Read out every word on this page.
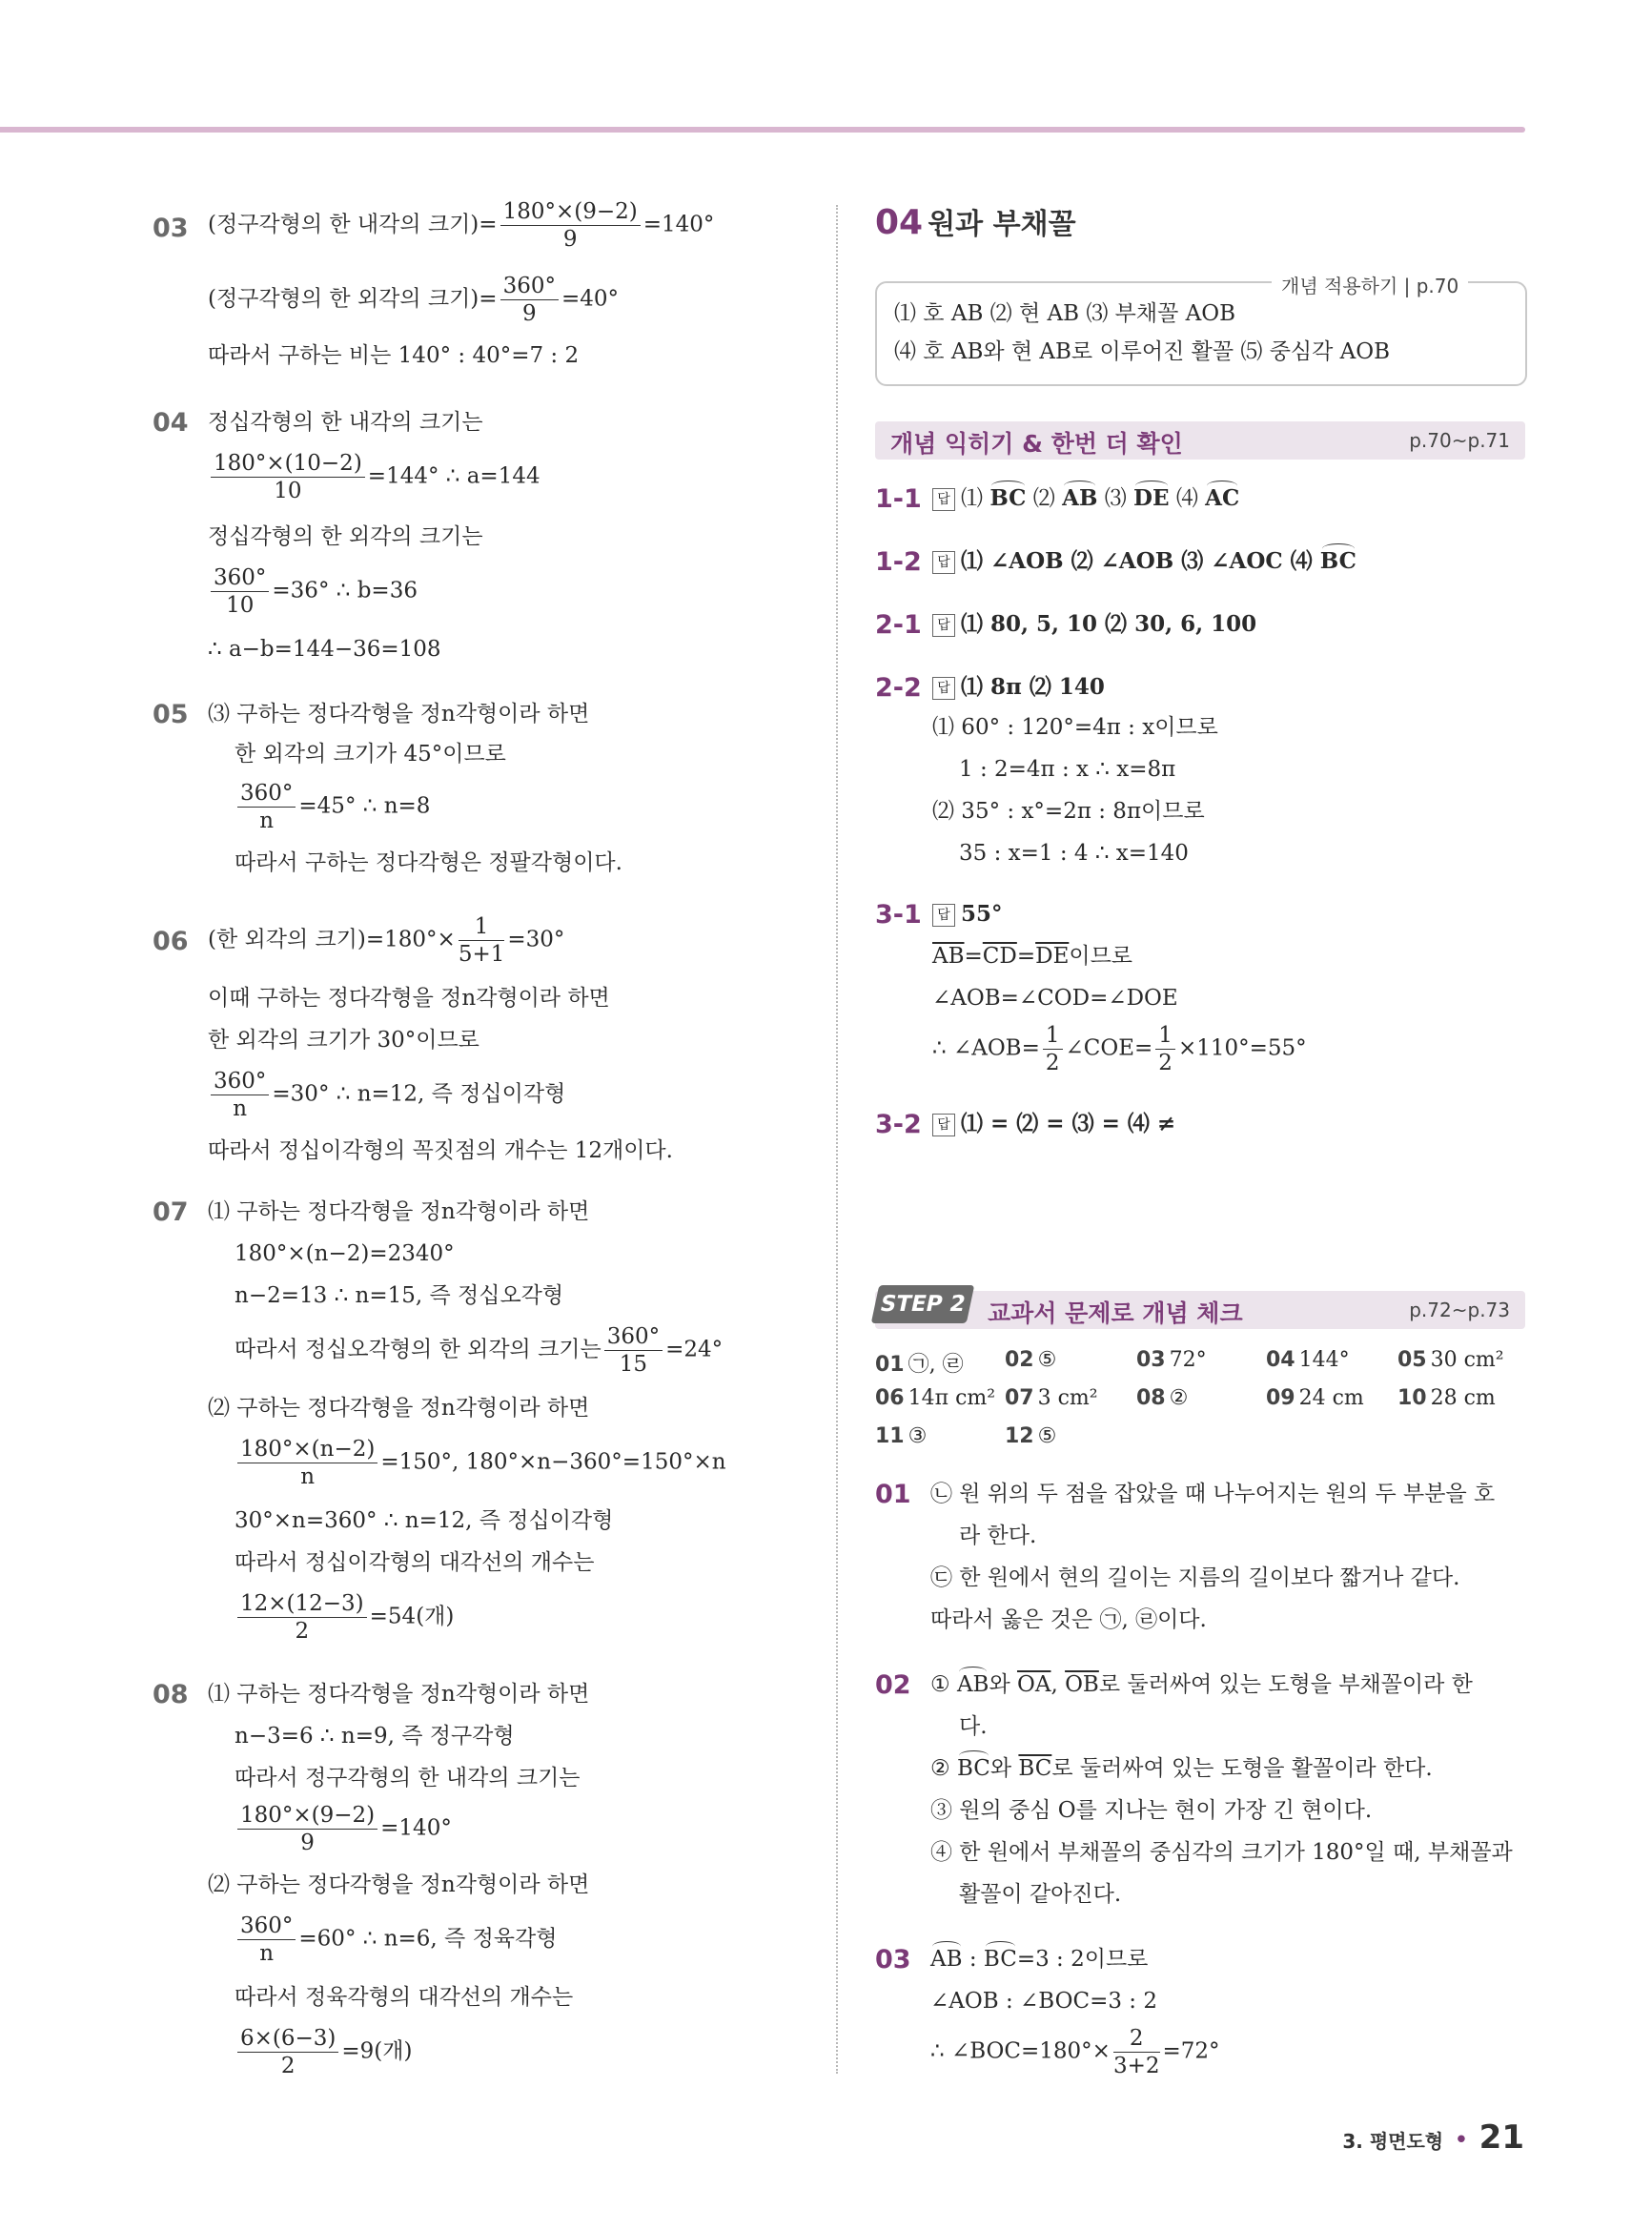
03 (정구각형의 한 내각의 크기)= $\frac{180^\circ\times(9-2)}{9} =140^\circ$
(정구각형의 한 외각의 크기)= $\frac{360^\circ}{9} =40^\circ$
따라서 구하는 비는 140° : 40°=7 : 2
04 정십각형의 한 내각의 크기는
$\frac{180^\circ\times(10-2)}{10} =144^\circ$ ∴ a=144
정십각형의 한 외각의 크기는
$\frac{360^\circ}{10} =36^\circ$ ∴ b=36
∴ a−b=144−36=108
05 ⑶ 구하는 정다각형을 정n각형이라 하면
한 외각의 크기가 45°이므로
$\frac{360^\circ}{n} =45^\circ$ ∴ n=8
따라서 구하는 정다각형은 정팔각형이다.
06 (한 외각의 크기)$=180^\circ\times \frac{1}{5+1} =30^\circ$
이때 구하는 정다각형을 정n각형이라 하면
한 외각의 크기가 30°이므로
$\frac{360^\circ}{n} =30^\circ$ ∴ n=12, 즉 정십이각형
따라서 정십이각형의 꼭짓점의 개수는 12개이다.
07 ⑴ 구하는 정다각형을 정n각형이라 하면
180°×(n−2)=2340°
n−2=13 ∴ n=15, 즉 정십오각형
따라서 정십오각형의 한 외각의 크기는 $\frac{360^\circ}{15} =24^\circ$
⑵ 구하는 정다각형을 정n각형이라 하면
$\frac{180^\circ\times(n-2)}{n} =150^\circ$, 180°×n−360°=150°×n
30°×n=360° ∴ n=12, 즉 정십이각형
따라서 정십이각형의 대각선의 개수는
$\frac{12\times(12-3)}{2} =54$(개)
08 ⑴ 구하는 정다각형을 정n각형이라 하면
n−3=6 ∴ n=9, 즉 정구각형
따라서 정구각형의 한 내각의 크기는
$\frac{180^\circ\times(9-2)}{9} =140^\circ$
⑵ 구하는 정다각형을 정n각형이라 하면
$\frac{360^\circ}{n} =60^\circ$ ∴ n=6, 즉 정육각형
따라서 정육각형의 대각선의 개수는
$\frac{6\times(6-3)}{2} =9$(개)
04 원과 부채꼴
개념 적용하기 | p.70
⑴ 호 AB ⑵ 현 AB ⑶ 부채꼴 AOB
⑷ 호 AB와 현 AB로 이루어진 활꼴 ⑸ 중심각 AOB
개념 익히기 & 한번 더 확인	p.70~p.71
1-1	답 ⑴ BC ⑵ AB ⑶ DE ⑷ AC
1-2	답 ⑴ ∠AOB ⑵ ∠AOB ⑶ ∠AOC ⑷ BC
2-1	답 ⑴ 80, 5, 10 ⑵ 30, 6, 100
2-2	답 ⑴ 8π ⑵ 140
⑴ 60° : 120°=4π : x이므로
1 : 2=4π : x ∴ x=8π
⑵ 35° : x°=2π : 8π이므로
35 : x=1 : 4 ∴ x=140
3-1	답 55°
$\overline{AB}=\overline{CD}=\overline{DE}$이므로
∠AOB=∠COD=∠DOE
∴ ∠AOB= $\frac{1}{2}$ ∠COE= $\frac{1}{2} \times 110^\circ=55^\circ$
3-2	답 ⑴ = ⑵ = ⑶ = ⑷ ≠
교과서 문제로 개념 체크	p.72~p.73
STEP 2
01 ㉠, ㉣ 02 ⑤	03 72°	04 144° 05 30 cm²
06 14π cm² 07 3 cm² 08 ②	09 24 cm 10 28 cm
11 ③	12 ⑤
01 ㉡ 원 위의 두 점을 잡았을 때 나누어지는 원의 두 부분을 호
라 한다.
㉢ 한 원에서 현의 길이는 지름의 길이보다 짧거나 같다.
따라서 옳은 것은 ㉠, ㉣이다.
02 ① AB와 $\overline{OA}$, $\overline{OB}$로 둘러싸여 있는 도형을 부채꼴이라 한
다.
② BC와 $\overline{BC}$로 둘러싸여 있는 도형을 활꼴이라 한다.
③ 원의 중심 O를 지나는 현이 가장 긴 현이다.
④ 한 원에서 부채꼴의 중심각의 크기가 180°일 때, 부채꼴과
활꼴이 같아진다.
03 AB : BC=3 : 2이므로
∠AOB : ∠BOC=3 : 2
∴ ∠BOC=180°× $\frac{2}{3+2} =72^\circ$
3. 평면도형 • 21
